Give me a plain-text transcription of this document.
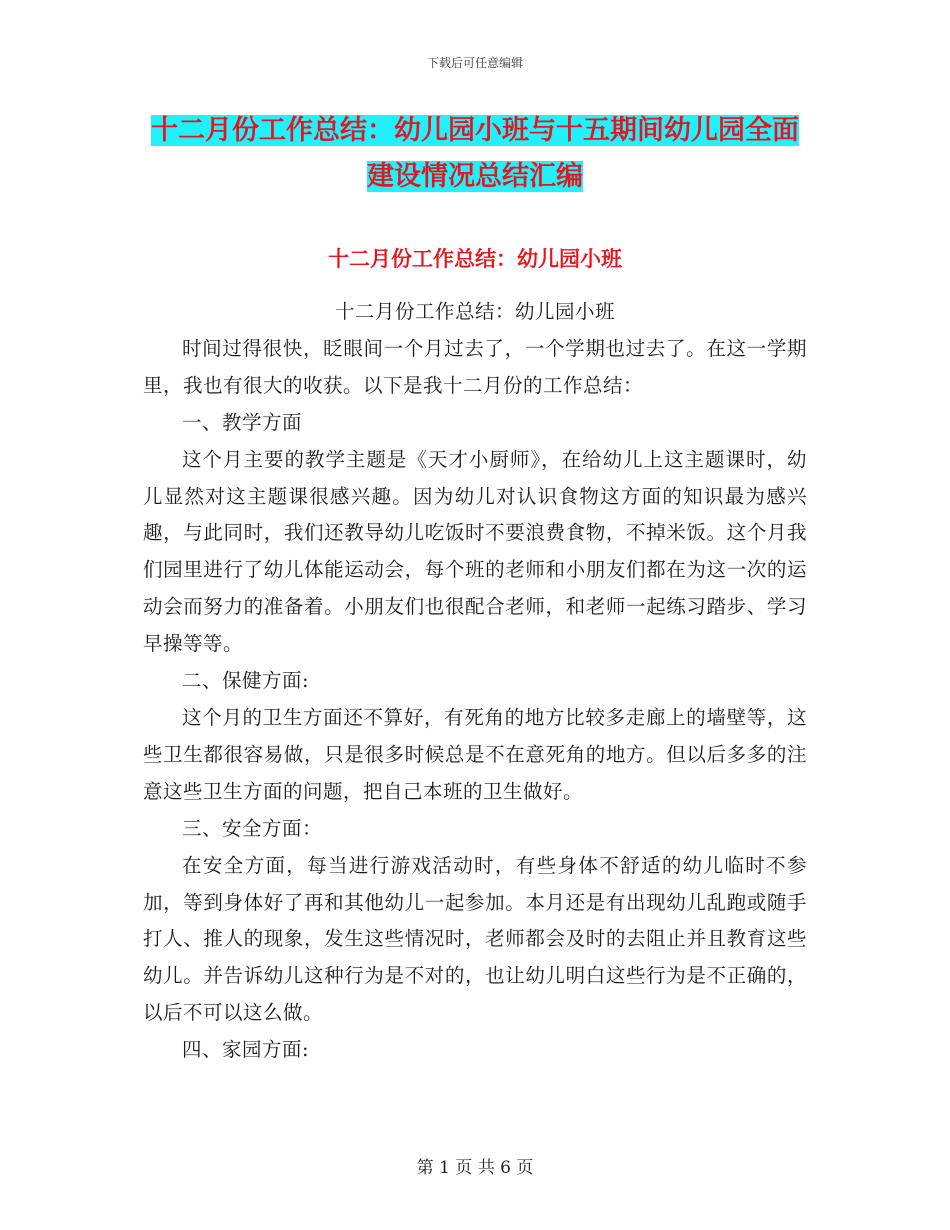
下载后可任意编辑
十二月份工作总结：幼儿园小班与十五期间幼儿园全面建设情况总结汇编
十二月份工作总结：幼儿园小班

十二月份工作总结：幼儿园小班

时间过得很快，眨眼间一个月过去了，一个学期也过去了。在这一学期里，我也有很大的收获。以下是我十二月份的工作总结：

一、教学方面

这个月主要的教学主题是《天才小厨师》，在给幼儿上这主题课时，幼儿显然对这主题课很感兴趣。因为幼儿对认识食物这方面的知识最为感兴趣，与此同时，我们还教导幼儿吃饭时不要浪费食物，不掉米饭。这个月我们园里进行了幼儿体能运动会，每个班的老师和小朋友们都在为这一次的运动会而努力的准备着。小朋友们也很配合老师，和老师一起练习踏步、学习早操等等。

二、保健方面:

这个月的卫生方面还不算好，有死角的地方比较多走廊上的墙壁等，这些卫生都很容易做，只是很多时候总是不在意死角的地方。但以后多多的注意这些卫生方面的问题，把自己本班的卫生做好。

三、安全方面：

在安全方面，每当进行游戏活动时，有些身体不舒适的幼儿临时不参加，等到身体好了再和其他幼儿一起参加。本月还是有出现幼儿乱跑或随手打人、推人的现象，发生这些情况时，老师都会及时的去阻止并且教育这些幼儿。并告诉幼儿这种行为是不对的，也让幼儿明白这些行为是不正确的，以后不可以这么做。

四、家园方面:

第 1 页 共 6 页
